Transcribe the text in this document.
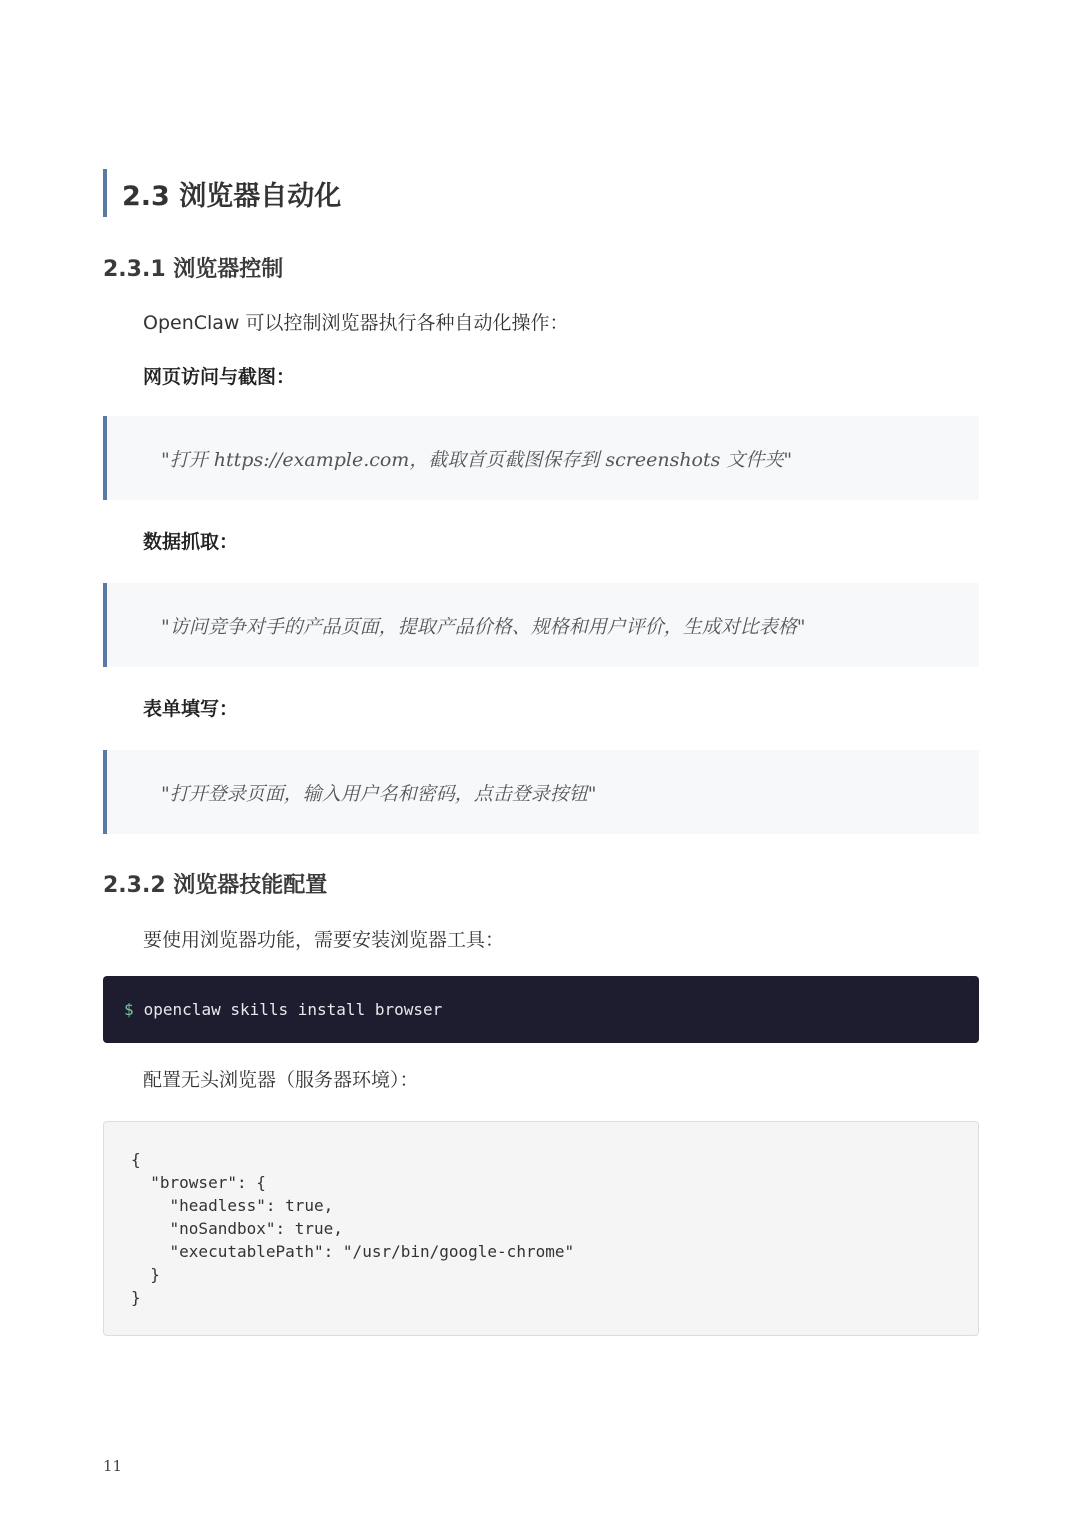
2.3 浏览器自动化
2.3.1 浏览器控制
OpenClaw 可以控制浏览器执行各种自动化操作：
网页访问与截图：
"打开 https://example.com，截取首页截图保存到 screenshots 文件夹"
数据抓取：
"访问竞争对手的产品页面，提取产品价格、规格和用户评价，生成对比表格"
表单填写：
"打开登录页面，输入用户名和密码，点击登录按钮"
2.3.2 浏览器技能配置
要使用浏览器功能，需要安装浏览器工具：
$ openclaw skills install browser
配置无头浏览器（服务器环境）：
{
"browser": {
"headless": true,
"noSandbox": true,
"executablePath": "/usr/bin/google-chrome"
}
}
11
